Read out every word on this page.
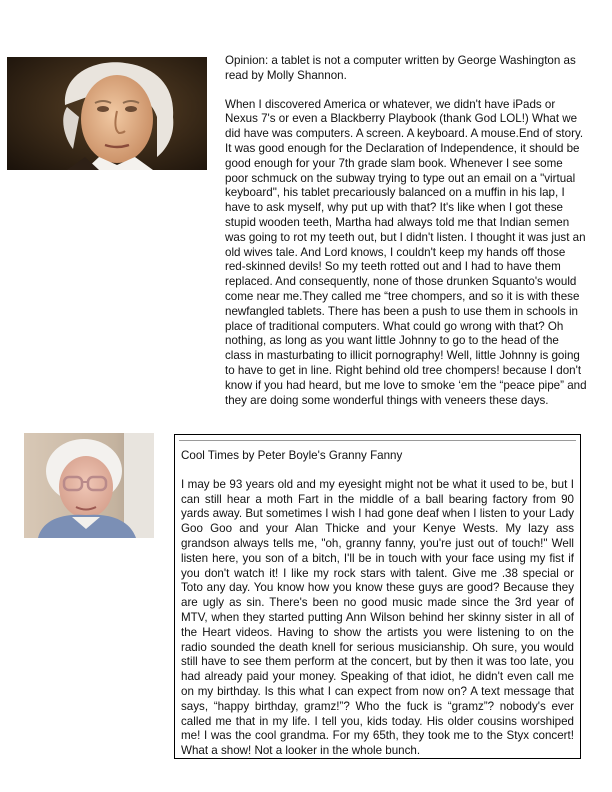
Opinion: a tablet is not a computer written by George Washington as read by Molly Shannon.

When I discovered America or whatever, we didn't have iPads or Nexus 7's or even a Blackberry Playbook (thank God LOL!) What we did have was computers. A screen. A keyboard. A mouse.End of story. It was good enough for the Declaration of Independence, it should be good enough for your 7th grade slam book. Whenever I see some poor schmuck on the subway trying to type out an email on a "virtual keyboard", his tablet precariously balanced on a muffin in his lap, I have to ask myself, why put up with that? It's like when I got these stupid wooden teeth, Martha had always told me that Indian semen was going to rot my teeth out, but I didn't listen. I thought it was just an old wives tale. And Lord knows, I couldn't keep my hands off those red-skinned devils! So my teeth rotted out and I had to have them replaced. And consequently, none of those drunken Squanto's would come near me.They called me “tree chompers, and so it is with these newfangled tablets. There has been a push to use them in schools in place of traditional computers. What could go wrong with that? Oh nothing, as long as you want little Johnny to go to the head of the class in masturbating to illicit pornography! Well, little Johnny is going to have to get in line. Right behind old tree chompers! because I don't know if you had heard, but me love to smoke ‘em the “peace pipe” and they are doing some wonderful things with veneers these days.

Cool Times by Peter Boyle's Granny Fanny

I may be 93 years old and my eyesight might not be what it used to be, but I can still hear a moth Fart in the middle of a ball bearing factory from 90 yards away. But sometimes I wish I had gone deaf when I listen to your Lady Goo Goo and your Alan Thicke and your Kenye Wests. My lazy ass grandson always tells me, "oh, granny fanny, you're just out of touch!" Well listen here, you son of a bitch, I'll be in touch with your face using my fist if you don't watch it! I like my rock stars with talent. Give me .38 special or Toto any day. You know how you know these guys are good? Because they are ugly as sin. There's been no good music made since the 3rd year of MTV, when they started putting Ann Wilson behind her skinny sister in all of the Heart videos. Having to show the artists you were listening to on the radio sounded the death knell for serious musicianship. Oh sure, you would still have to see them perform at the concert, but by then it was too late, you had already paid your money. Speaking of that idiot, he didn't even call me on my birthday. Is this what I can expect from now on? A text message that says, “happy birthday, gramz!”? Who the fuck is “gramz”? nobody's ever called me that in my life. I tell you, kids today. His older cousins worshiped me! I was the cool grandma. For my 65th, they took me to the Styx concert! What a show! Not a looker in the whole bunch.
